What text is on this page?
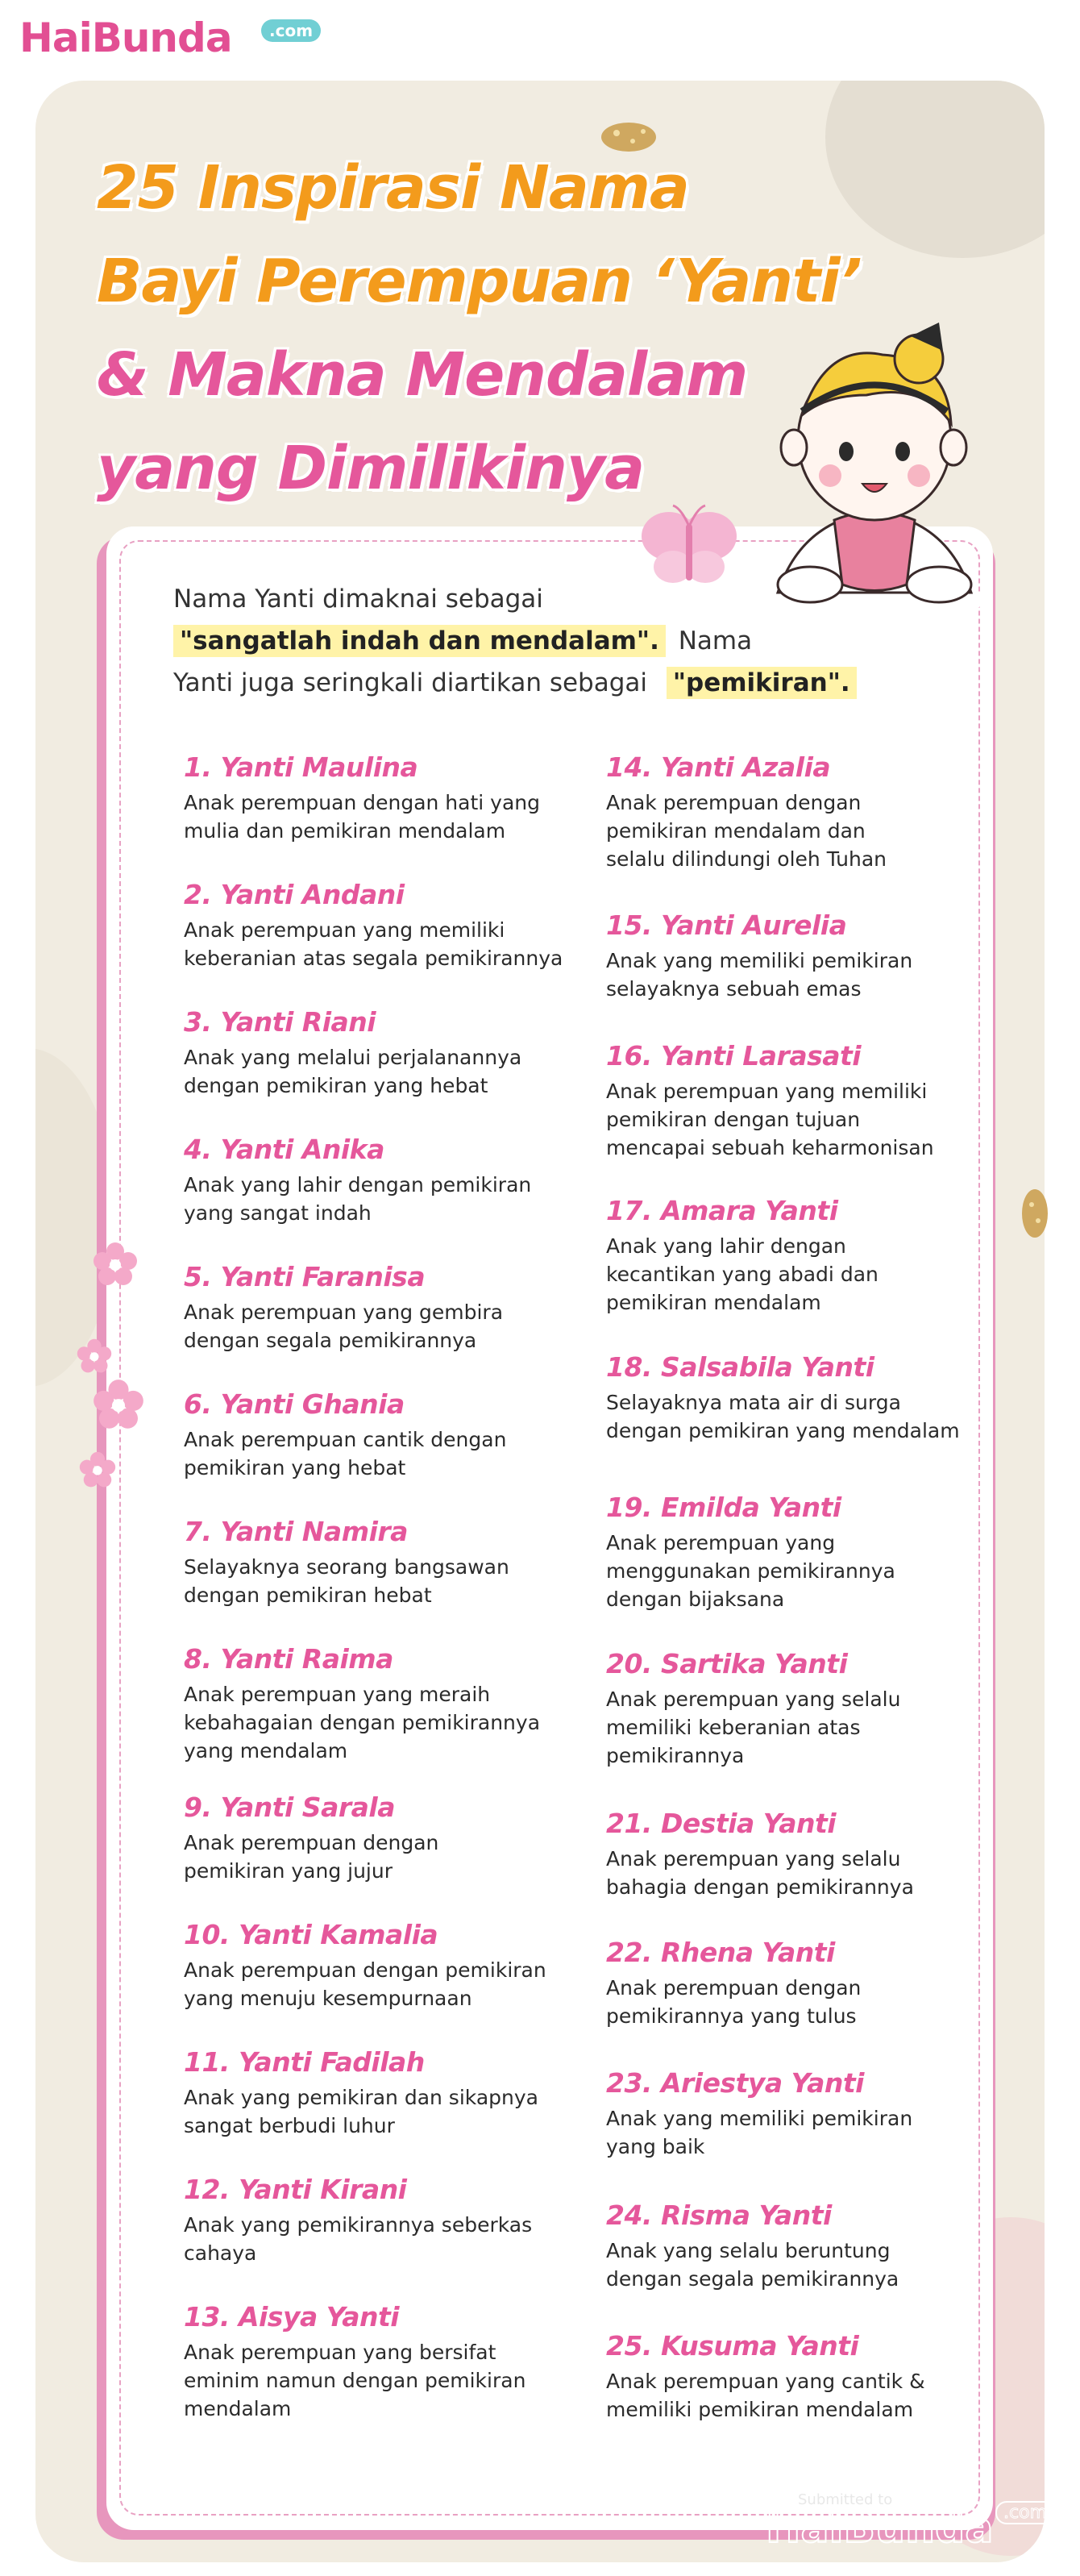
HaiBunda	.com
25 Inspirasi Nama
Bayi Perempuan ‘Yanti’
& Makna Mendalam
yang Dimilikinya
Nama Yanti dimaknai sebagai
"sangatlah indah dan mendalam". Nama
Yanti juga seringkali diartikan sebagai "pemikiran".
1. Yanti Maulina
Anak perempuan dengan hati yang
mulia dan pemikiran mendalam
2. Yanti Andani
Anak perempuan yang memiliki
keberanian atas segala pemikirannya
3. Yanti Riani
Anak yang melalui perjalanannya
dengan pemikiran yang hebat
4. Yanti Anika
Anak yang lahir dengan pemikiran
yang sangat indah
5. Yanti Faranisa
Anak perempuan yang gembira
dengan segala pemikirannya
6. Yanti Ghania
Anak perempuan cantik dengan
pemikiran yang hebat
7. Yanti Namira
Selayaknya seorang bangsawan
dengan pemikiran hebat
8. Yanti Raima
Anak perempuan yang meraih
kebahagaian dengan pemikirannya
yang mendalam
9. Yanti Sarala
Anak perempuan dengan
pemikiran yang jujur
10. Yanti Kamalia
Anak perempuan dengan pemikiran
yang menuju kesempurnaan
11. Yanti Fadilah
Anak yang pemikiran dan sikapnya
sangat berbudi luhur
12. Yanti Kirani
Anak yang pemikirannya seberkas
cahaya
13. Aisya Yanti
Anak perempuan yang bersifat
eminim namun dengan pemikiran
mendalam
14. Yanti Azalia
Anak perempuan dengan
pemikiran mendalam dan
selalu dilindungi oleh Tuhan
15. Yanti Aurelia
Anak yang memiliki pemikiran
selayaknya sebuah emas
16. Yanti Larasati
Anak perempuan yang memiliki
pemikiran dengan tujuan
mencapai sebuah keharmonisan
17. Amara Yanti
Anak yang lahir dengan
kecantikan yang abadi dan
pemikiran mendalam
18. Salsabila Yanti
Selayaknya mata air di surga
dengan pemikiran yang mendalam
19. Emilda Yanti
Anak perempuan yang
menggunakan pemikirannya
dengan bijaksana
20. Sartika Yanti
Anak perempuan yang selalu
memiliki keberanian atas
pemikirannya
21. Destia Yanti
Anak perempuan yang selalu
bahagia dengan pemikirannya
22. Rhena Yanti
Anak perempuan dengan
pemikirannya yang tulus
23. Ariestya Yanti
Anak yang memiliki pemikiran
yang baik
24. Risma Yanti
Anak yang selalu beruntung
dengan segala pemikirannya
25. Kusuma Yanti
Anak perempuan yang cantik &
memiliki pemikiran mendalam
Submitted to
HaiBunda .com
